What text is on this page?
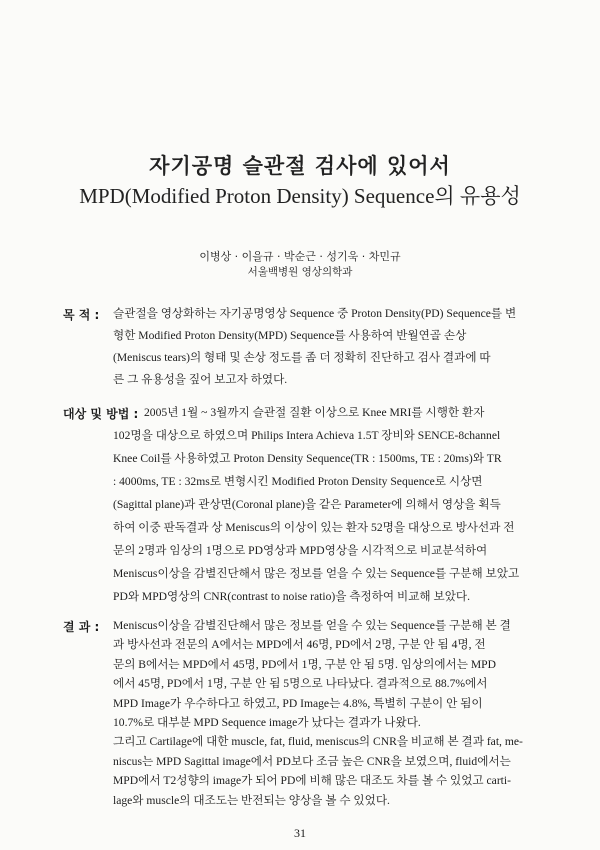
자기공명 슬관절 검사에 있어서
MPD(Modified Proton Density) Sequence의 유용성
이병상 · 이을규 · 박순근 · 성기욱 · 차민규
서울백병원 영상의학과
목 적 : 슬관절을 영상화하는 자기공명영상 Sequence 중 Proton Density(PD) Sequence를 변
형한 Modified Proton Density(MPD) Sequence를 사용하여 반월연골 손상
(Meniscus tears)의 형태 및 손상 정도를 좀 더 정확히 진단하고 검사 결과에 따
른 그 유용성을 짚어 보고자 하였다.
대상 및 방법 : 2005년 1월 ~ 3월까지 슬관절 질환 이상으로 Knee MRI를 시행한 환자
102명을 대상으로 하였으며 Philips Intera Achieva 1.5T 장비와 SENCE-8channel
Knee Coil를 사용하였고 Proton Density Sequence(TR : 1500ms, TE : 20ms)와 TR
: 4000ms, TE : 32ms로 변형시킨 Modified Proton Density Sequence로 시상면
(Sagittal plane)과 관상면(Coronal plane)을 같은 Parameter에 의해서 영상을 획득
하여 이중 판독결과 상 Meniscus의 이상이 있는 환자 52명을 대상으로 방사선과 전
문의 2명과 임상의 1명으로 PD영상과 MPD영상을 시각적으로 비교분석하여
Meniscus이상을 감별진단해서 많은 정보를 얻을 수 있는 Sequence를 구분해 보았고
PD와 MPD영상의 CNR(contrast to noise ratio)을 측정하여 비교해 보았다.
결 과 : Meniscus이상을 감별진단해서 많은 정보를 얻을 수 있는 Sequence를 구분해 본 결
과 방사선과 전문의 A에서는 MPD에서 46명, PD에서 2명, 구분 안 됨 4명, 전
문의 B에서는 MPD에서 45명, PD에서 1명, 구분 안 됨 5명. 임상의에서는 MPD
에서 45명, PD에서 1명, 구분 안 됨 5명으로 나타났다. 결과적으로 88.7%에서
MPD Image가 우수하다고 하였고, PD Image는 4.8%, 특별히 구분이 안 됨이
10.7%로 대부분 MPD Sequence image가 났다는 결과가 나왔다.
그리고 Cartilage에 대한 muscle, fat, fluid, meniscus의 CNR을 비교해 본 결과 fat, me-
niscus는 MPD Sagittal image에서 PD보다 조금 높은 CNR을 보였으며, fluid에서는
MPD에서 T2성향의 image가 되어 PD에 비해 많은 대조도 차를 볼 수 있었고 carti-
lage와 muscle의 대조도는 반전되는 양상을 볼 수 있었다.
31
